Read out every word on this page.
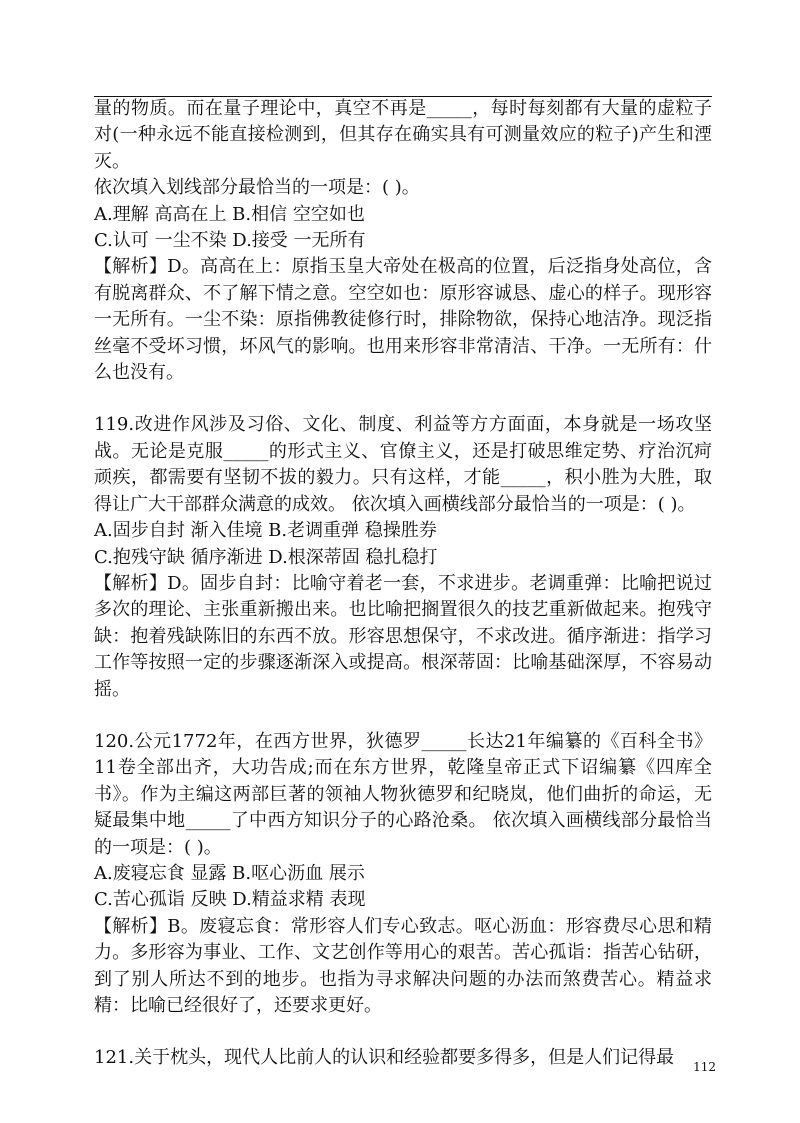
量的物质。而在量子理论中，真空不再是_____，每时每刻都有大量的虚粒子对(一种永远不能直接检测到，但其存在确实具有可测量效应的粒子)产生和湮灭。

依次填入划线部分最恰当的一项是：( )。

A.理解 高高在上 B.相信 空空如也

C.认可 一尘不染 D.接受 一无所有

【解析】D。高高在上：原指玉皇大帝处在极高的位置，后泛指身处高位，含有脱离群众、不了解下情之意。空空如也：原形容诚恳、虚心的样子。现形容一无所有。一尘不染：原指佛教徒修行时，排除物欲，保持心地洁净。现泛指丝毫不受坏习惯，坏风气的影响。也用来形容非常清洁、干净。一无所有：什么也没有。

119.改进作风涉及习俗、文化、制度、利益等方方面面，本身就是一场攻坚战。无论是克服_____的形式主义、官僚主义，还是打破思维定势、疗治沉疴顽疾，都需要有坚韧不拔的毅力。只有这样，才能_____，积小胜为大胜，取得让广大干部群众满意的成效。 依次填入画横线部分最恰当的一项是：( )。

A.固步自封 渐入佳境 B.老调重弹 稳操胜券

C.抱残守缺 循序渐进 D.根深蒂固 稳扎稳打

【解析】D。固步自封：比喻守着老一套，不求进步。老调重弹：比喻把说过多次的理论、主张重新搬出来。也比喻把搁置很久的技艺重新做起来。抱残守缺：抱着残缺陈旧的东西不放。形容思想保守，不求改进。循序渐进：指学习工作等按照一定的步骤逐渐深入或提高。根深蒂固：比喻基础深厚，不容易动摇。

120.公元1772年，在西方世界，狄德罗_____长达21年编纂的《百科全书》11卷全部出齐，大功告成;而在东方世界，乾隆皇帝正式下诏编纂《四库全书》。作为主编这两部巨著的领袖人物狄德罗和纪晓岚，他们曲折的命运，无疑最集中地_____了中西方知识分子的心路沧桑。 依次填入画横线部分最恰当的一项是：( )。

A.废寝忘食 显露 B.呕心沥血 展示

C.苦心孤诣 反映 D.精益求精 表现

【解析】B。废寝忘食：常形容人们专心致志。呕心沥血：形容费尽心思和精力。多形容为事业、工作、文艺创作等用心的艰苦。苦心孤诣：指苦心钻研，到了别人所达不到的地步。也指为寻求解决问题的办法而煞费苦心。精益求精：比喻已经很好了，还要求更好。

121.关于枕头，现代人比前人的认识和经验都要多得多，但是人们记得最	112
